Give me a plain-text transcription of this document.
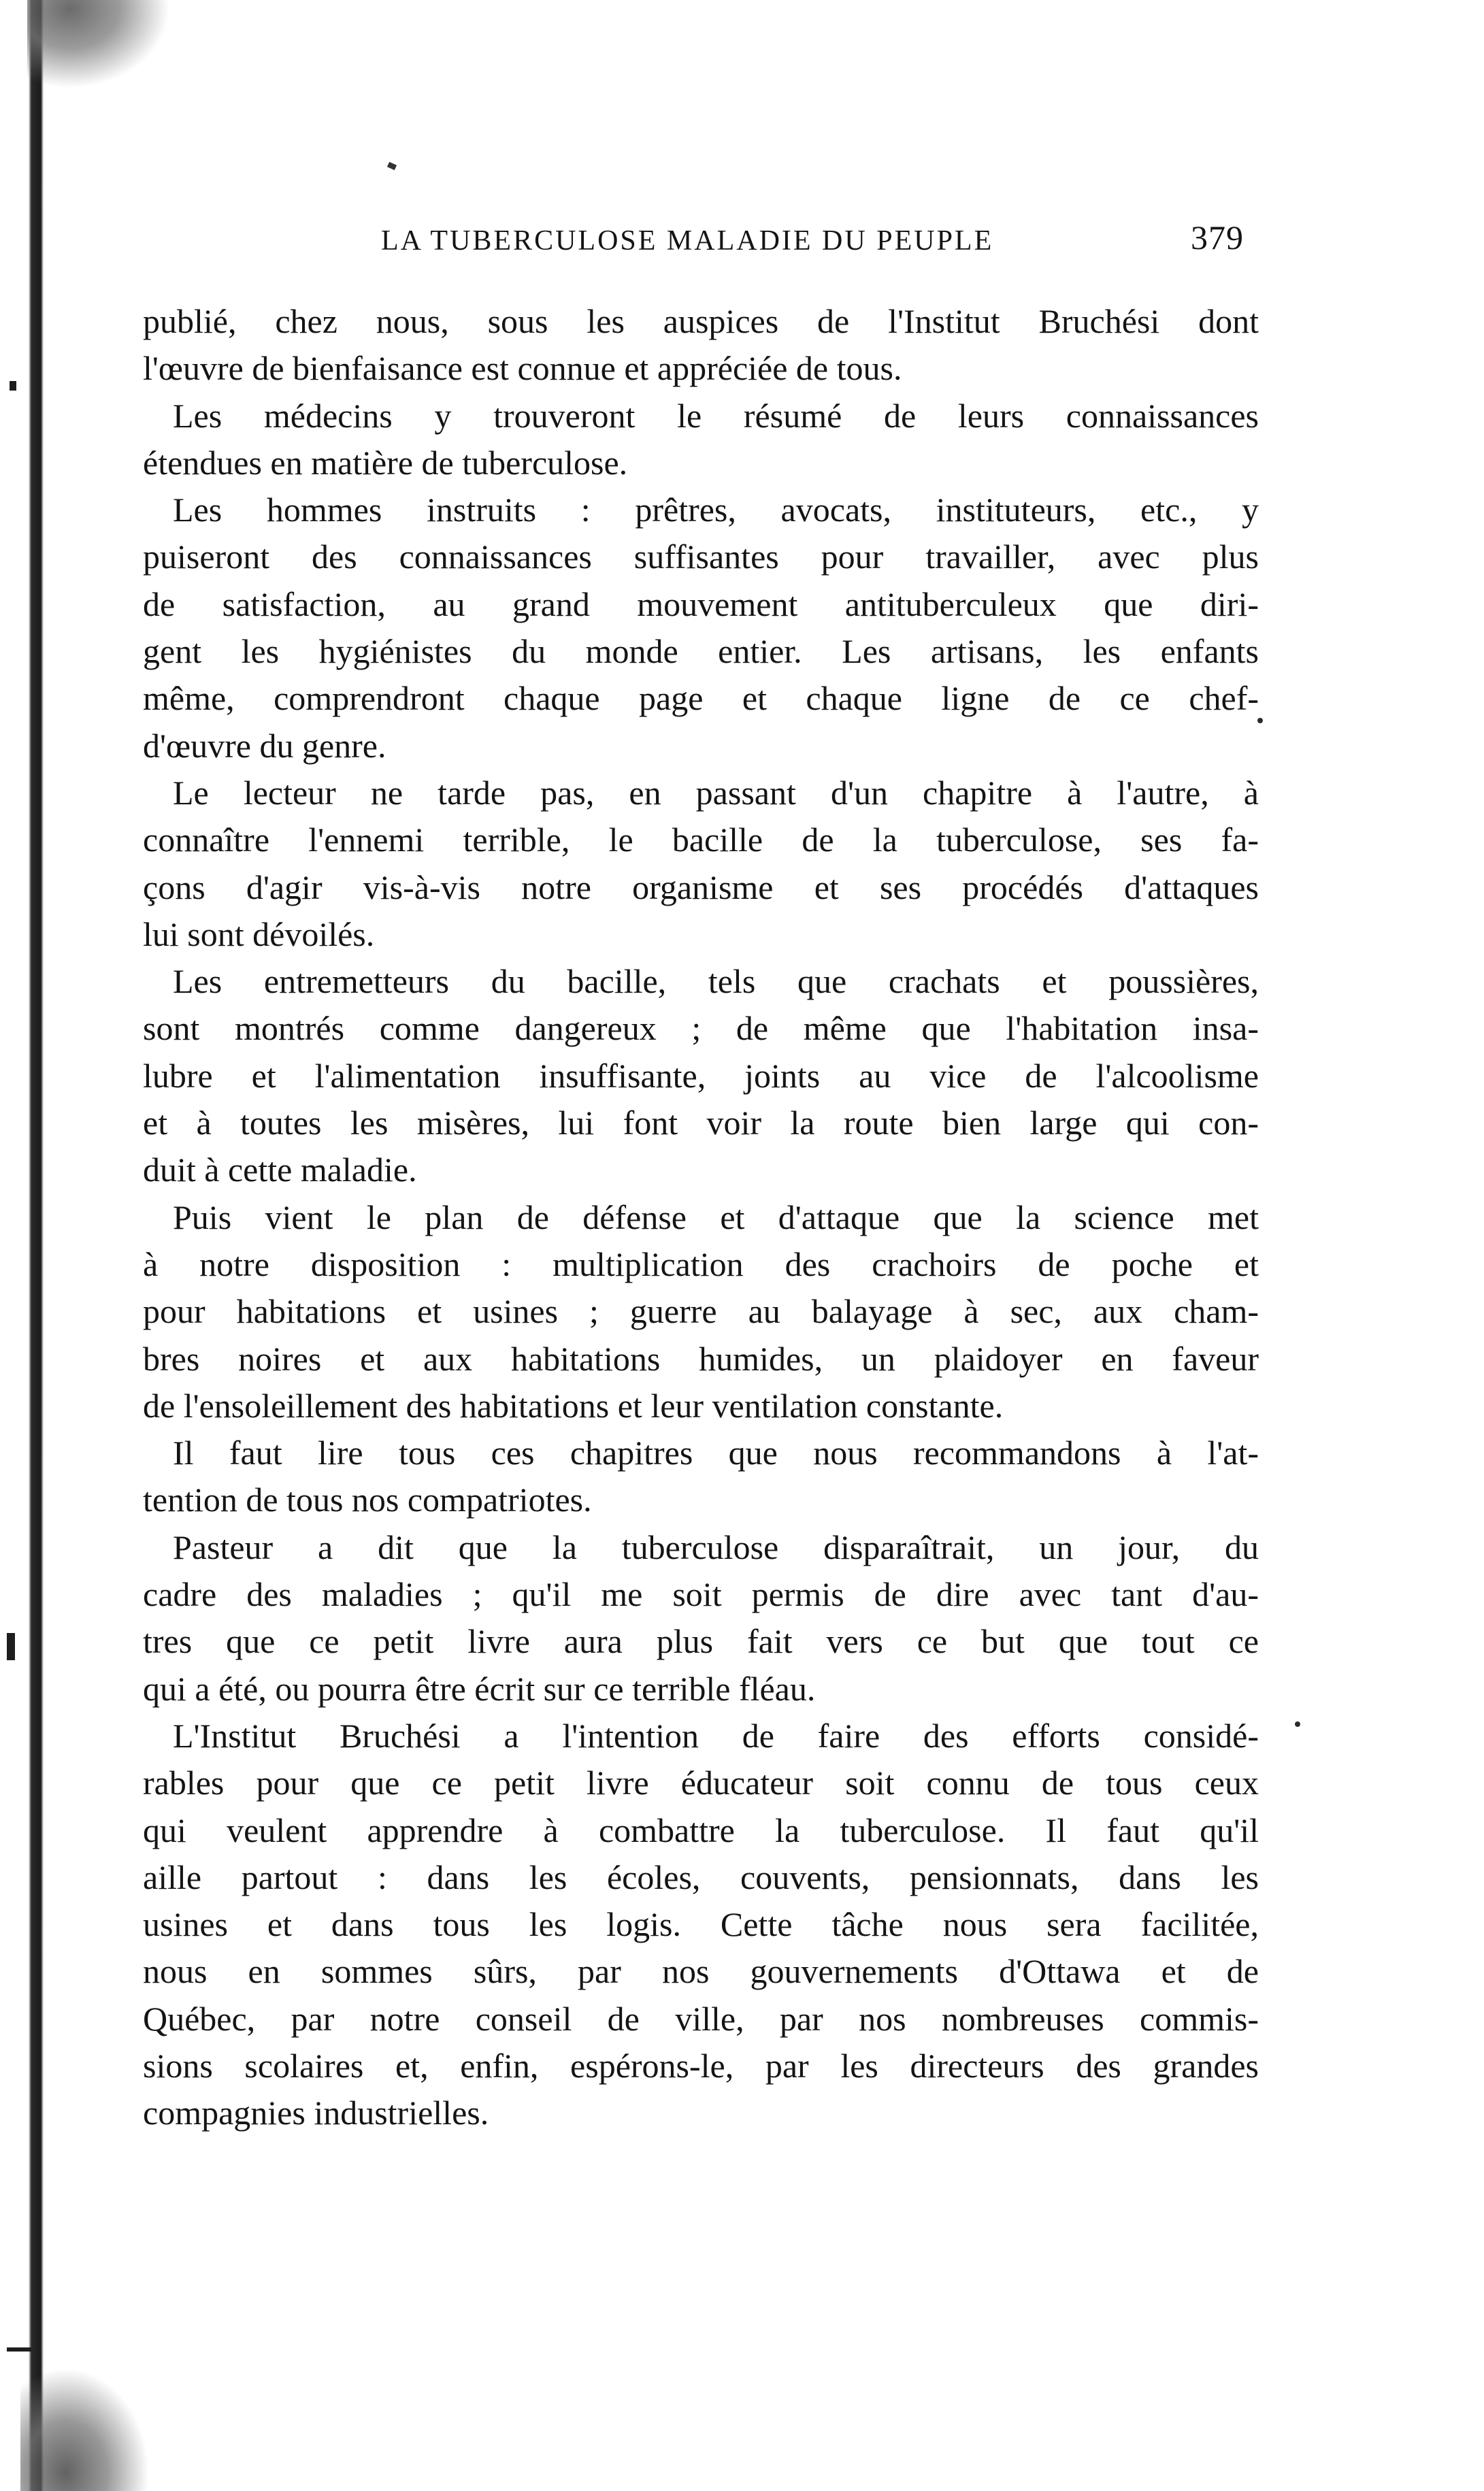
LA TUBERCULOSE MALADIE DU PEUPLE	379
publié, chez nous, sous les auspices de l'Institut Bruchési dont
l'œuvre de bienfaisance est connue et appréciée de tous.
Les médecins y trouveront le résumé de leurs connaissances
étendues en matière de tuberculose.
Les hommes instruits : prêtres, avocats, instituteurs, etc., y
puiseront des connaissances suffisantes pour travailler, avec plus
de satisfaction, au grand mouvement antituberculeux que diri-
gent les hygiénistes du monde entier. Les artisans, les enfants
même, comprendront chaque page et chaque ligne de ce chef-
d'œuvre du genre.
Le lecteur ne tarde pas, en passant d'un chapitre à l'autre, à
connaître l'ennemi terrible, le bacille de la tuberculose, ses fa-
çons d'agir vis-à-vis notre organisme et ses procédés d'attaques
lui sont dévoilés.
Les entremetteurs du bacille, tels que crachats et poussières,
sont montrés comme dangereux ; de même que l'habitation insa-
lubre et l'alimentation insuffisante, joints au vice de l'alcoolisme
et à toutes les misères, lui font voir la route bien large qui con-
duit à cette maladie.
Puis vient le plan de défense et d'attaque que la science met
à notre disposition : multiplication des crachoirs de poche et
pour habitations et usines ; guerre au balayage à sec, aux cham-
bres noires et aux habitations humides, un plaidoyer en faveur
de l'ensoleillement des habitations et leur ventilation constante.
Il faut lire tous ces chapitres que nous recommandons à l'at-
tention de tous nos compatriotes.
Pasteur a dit que la tuberculose disparaîtrait, un jour, du
cadre des maladies ; qu'il me soit permis de dire avec tant d'au-
tres que ce petit livre aura plus fait vers ce but que tout ce
qui a été, ou pourra être écrit sur ce terrible fléau.
L'Institut Bruchési a l'intention de faire des efforts considé-
rables pour que ce petit livre éducateur soit connu de tous ceux
qui veulent apprendre à combattre la tuberculose. Il faut qu'il
aille partout : dans les écoles, couvents, pensionnats, dans les
usines et dans tous les logis. Cette tâche nous sera facilitée,
nous en sommes sûrs, par nos gouvernements d'Ottawa et de
Québec, par notre conseil de ville, par nos nombreuses commis-
sions scolaires et, enfin, espérons-le, par les directeurs des grandes
compagnies industrielles.
